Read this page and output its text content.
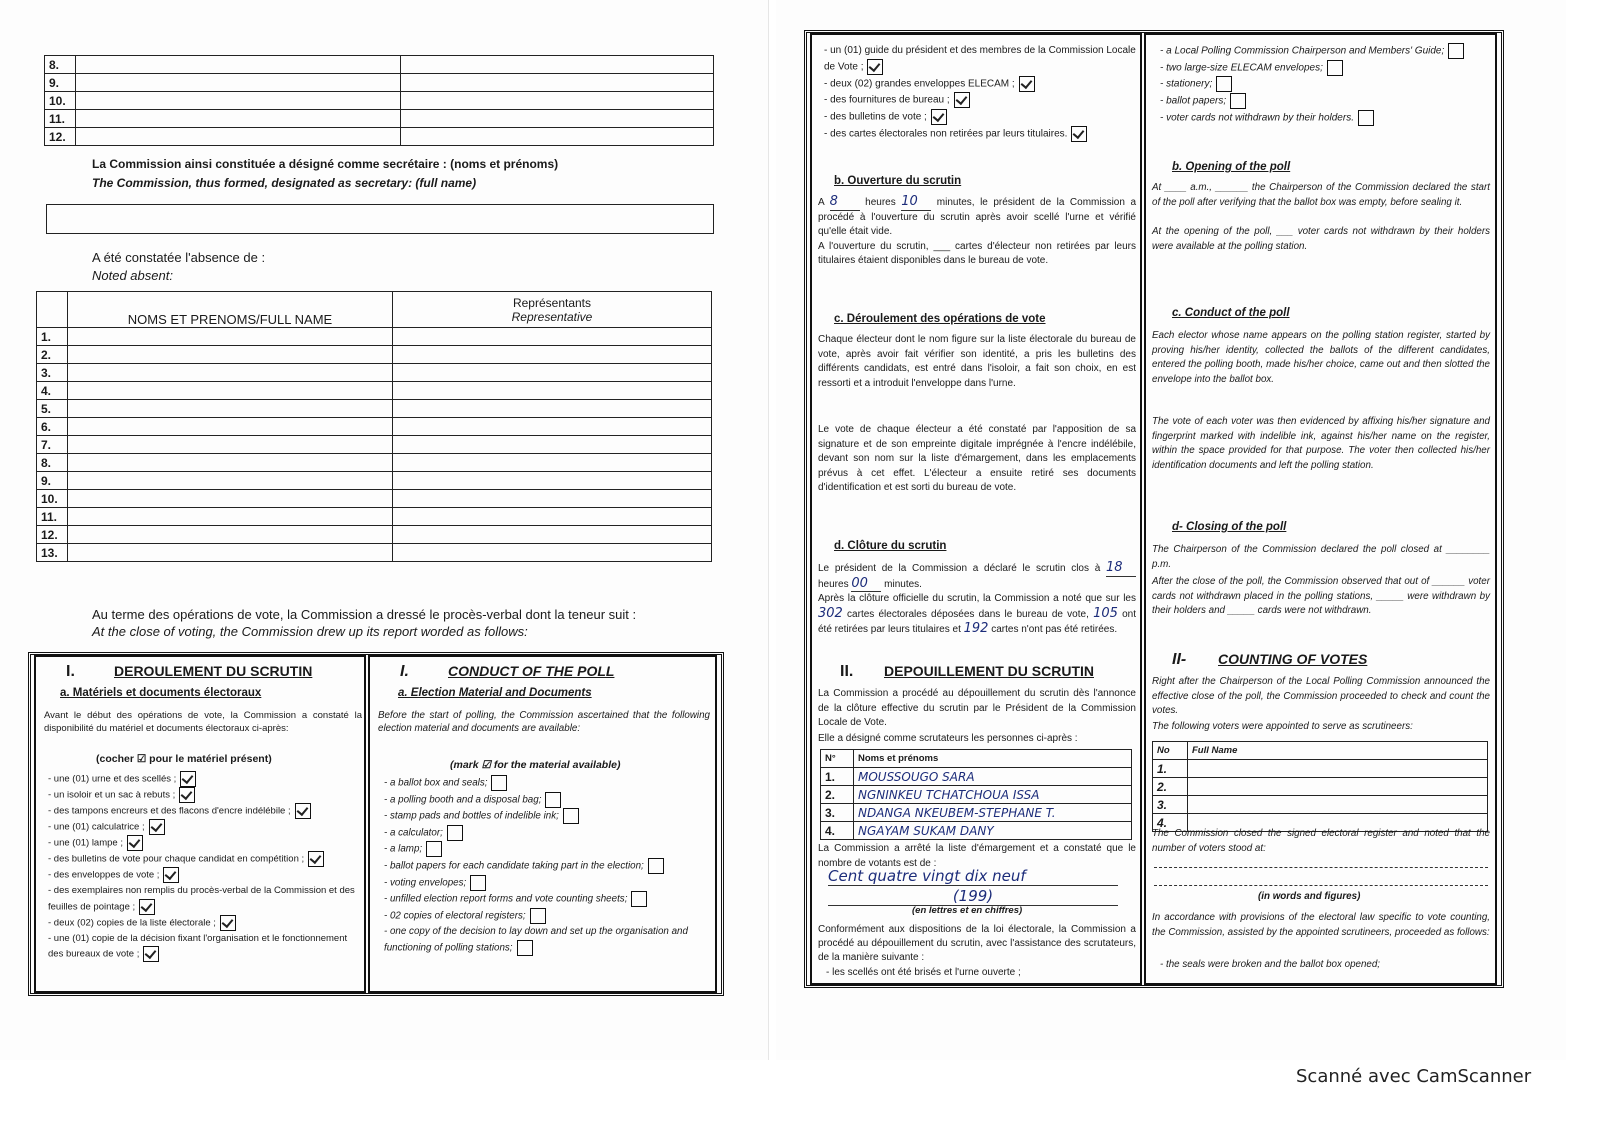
8.		
9.		
10.		
11.		
12.		
La Commission ainsi constituée a désigné comme secrétaire : (noms et prénoms)
The Commission, thus formed, designated as secretary: (full name)
A été constatée l'absence de :
Noted absent:
	NOMS ET PRENOMS/FULL NAME	Représentants
Representative

1.		
2.		
3.		
4.		
5.		
6.		
7.		
8.		
9.		
10.		
11.		
12.		
13.		
Au terme des opérations de vote, la Commission a dressé le procès-verbal dont la teneur suit :
At the close of voting, the Commission drew up its report worded as follows:
I.	DEROULEMENT DU SCRUTIN
a. Matériels et documents électoraux
Avant le début des opérations de vote, la Commission a constaté la disponibilité du matériel et documents électoraux ci-après:
(cocher ☑ pour le matériel présent)
- une (01) urne et des scellés ;
- un isoloir et un sac à rebuts ;
- des tampons encreurs et des flacons d'encre indélébile ;
- une (01) calculatrice ;
- une (01) lampe ;
- des bulletins de vote pour chaque candidat en compétition ;
- des enveloppes de vote ;
- des exemplaires non remplis du procès-verbal de la Commission et des feuilles de pointage ;
- deux (02) copies de la liste électorale ;
- une (01) copie de la décision fixant l'organisation et le fonctionnement des bureaux de vote ;
I.	CONDUCT OF THE POLL
a. Election Material and Documents
Before the start of polling, the Commission ascertained that the following election material and documents are available:
(mark ☑ for the material available)
- a ballot box and seals;
- a polling booth and a disposal bag;
- stamp pads and bottles of indelible ink;
- a calculator;
- a lamp;
- ballot papers for each candidate taking part in the election;
- voting envelopes;
- unfilled election report forms and vote counting sheets;
- 02 copies of electoral registers;
- one copy of the decision to lay down and set up the organisation and functioning of polling stations;
- un (01) guide du président et des membres de la Commission Locale de Vote ;
- deux (02) grandes enveloppes ELECAM ;
- des fournitures de bureau ;
- des bulletins de vote ;
- des cartes électorales non retirées par leurs titulaires.
b. Ouverture du scrutin
A 8	heures 10 minutes, le président de la Commission a procédé à l'ouverture du scrutin après avoir scellé l'urne et vérifié qu'elle était vide.
A l'ouverture du scrutin, ___ cartes d'électeur non retirées par leurs titulaires étaient disponibles dans le bureau de vote.
c. Déroulement des opérations de vote
Chaque électeur dont le nom figure sur la liste électorale du bureau de vote, après avoir fait vérifier son identité, a pris les bulletins des différents candidats, est entré dans l'isoloir, a fait son choix, en est ressorti et a introduit l'enveloppe dans l'urne.
Le vote de chaque électeur a été constaté par l'apposition de sa signature et de son empreinte digitale imprégnée à l'encre indélébile, devant son nom sur la liste d'émargement, dans les emplacements prévus à cet effet. L'électeur a ensuite retiré ses documents d'identification et est sorti du bureau de vote.
d. Clôture du scrutin
Le président de la Commission a déclaré le scrutin clos à 18 heures 00 minutes.
Après la clôture officielle du scrutin, la Commission a noté que sur les 302 cartes électorales déposées dans le bureau de vote, 105 ont été retirées par leurs titulaires et 192 cartes n'ont pas été retirées.
II. DEPOUILLEMENT DU SCRUTIN
La Commission a procédé au dépouillement du scrutin dès l'annonce de la clôture effective du scrutin par le Président de la Commission Locale de Vote.
Elle a désigné comme scrutateurs les personnes ci-après :
N°	Noms et prénoms
1.	MOUSSOUGO SARA
2.	NGNINKEU TCHATCHOUA ISSA
3.	NDANGA NKEUBEM-STEPHANE T.
4.	NGAYAM SUKAM DANY
La Commission a arrêté la liste d'émargement et a constaté que le nombre de votants est de :
Cent quatre vingt dix neuf
(199)
(en lettres et en chiffres)
Conformément aux dispositions de la loi électorale, la Commission a procédé au dépouillement du scrutin, avec l'assistance des scrutateurs, de la manière suivante :
- les scellés ont été brisés et l'urne ouverte ;
- a Local Polling Commission Chairperson and Members' Guide;
- two large-size ELECAM envelopes;
- stationery;
- ballot papers;
- voter cards not withdrawn by their holders.
b. Opening of the poll
At ____ a.m., ______ the Chairperson of the Commission declared the start of the poll after verifying that the ballot box was empty, before sealing it.
At the opening of the poll, ___ voter cards not withdrawn by their holders were available at the polling station.
c. Conduct of the poll
Each elector whose name appears on the polling station register, started by proving his/her identity, collected the ballots of the different candidates, entered the polling booth, made his/her choice, came out and then slotted the envelope into the ballot box.
The vote of each voter was then evidenced by affixing his/her signature and fingerprint marked with indelible ink, against his/her name on the register, within the space provided for that purpose. The voter then collected his/her identification documents and left the polling station.
d- Closing of the poll
The Chairperson of the Commission declared the poll closed at ________ p.m.
After the close of the poll, the Commission observed that out of ______ voter cards not withdrawn placed in the polling stations, _____ were withdrawn by their holders and _____ cards were not withdrawn.
II- COUNTING OF VOTES
Right after the Chairperson of the Local Polling Commission announced the effective close of the poll, the Commission proceeded to check and count the votes.
The following voters were appointed to serve as scrutineers:
No	Full Name
1.	
2.	
3.	
4.	
The Commission closed the signed electoral register and noted that the number of voters stood at:
(in words and figures)
In accordance with provisions of the electoral law specific to vote counting, the Commission, assisted by the appointed scrutineers, proceeded as follows:
- the seals were broken and the ballot box opened;
Scanné avec CamScanner
